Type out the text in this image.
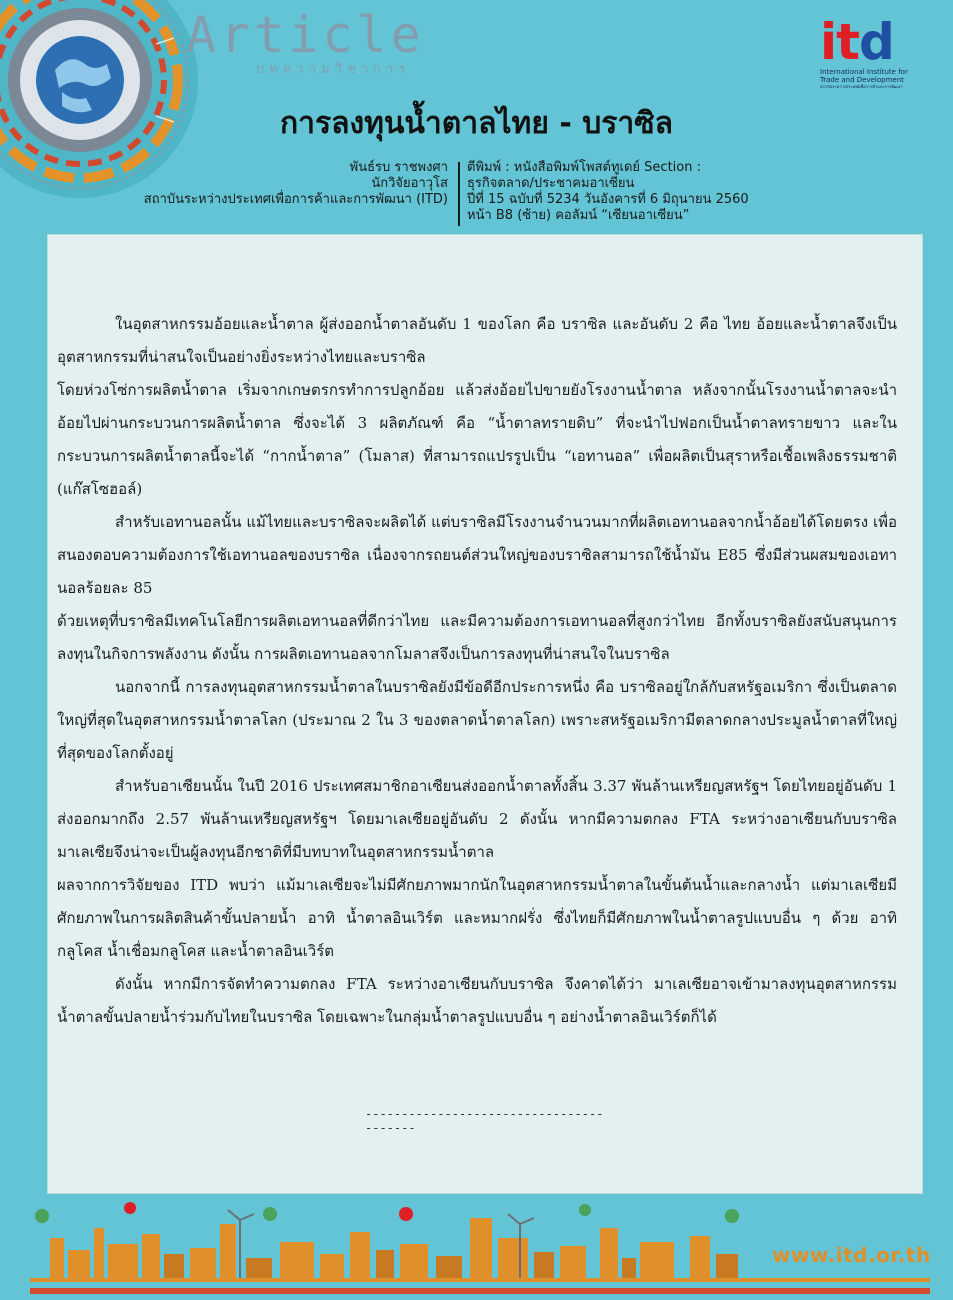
Article
บทความวิชาการ	itd
International Institute for
Trade and Development
สถาบันระหว่างประเทศเพื่อการค้าและการพัฒนา
การลงทุนน้ำตาลไทย - บราซิล
พันธ์รบ ราชพงศา
นักวิจัยอาวุโส
สถาบันระหว่างประเทศเพื่อการค้าและการพัฒนา (ITD)
ตีพิมพ์ : หนังสือพิมพ์โพสต์ทูเดย์ Section :
ธุรกิจตลาด/ประชาคมอาเซียน
ปีที่ 15 ฉบับที่ 5234 วันอังคารที่ 6 มิถุนายน 2560
หน้า B8 (ซ้าย) คอลัมน์ “เซียนอาเซียน”

ในอุตสาหกรรมอ้อยและน้ำตาล ผู้ส่งออกน้ำตาลอันดับ 1 ของโลก คือ บราซิล และอันดับ 2 คือ ไทย อ้อยและน้ำตาลจึงเป็นอุตสาหกรรมที่น่าสนใจเป็นอย่างยิ่งระหว่างไทยและบราซิล

โดยห่วงโซ่การผลิตน้ำตาล เริ่มจากเกษตรกรทำการปลูกอ้อย แล้วส่งอ้อยไปขายยังโรงงานน้ำตาล หลังจากนั้นโรงงานน้ำตาลจะนำอ้อยไปผ่านกระบวนการผลิตน้ำตาล ซึ่งจะได้ 3 ผลิตภัณฑ์ คือ “น้ำตาลทรายดิบ” ที่จะนำไปฟอกเป็นน้ำตาลทรายขาว และในกระบวนการผลิตน้ำตาลนี้จะได้ “กากน้ำตาล” (โมลาส) ที่สามารถแปรรูปเป็น “เอทานอล” เพื่อผลิตเป็นสุราหรือเชื้อเพลิงธรรมชาติ (แก๊สโซฮอล์)

สำหรับเอทานอลนั้น แม้ไทยและบราซิลจะผลิตได้ แต่บราซิลมีโรงงานจำนวนมากที่ผลิตเอทานอลจากน้ำอ้อยได้โดยตรง เพื่อสนองตอบความต้องการใช้เอทานอลของบราซิล เนื่องจากรถยนต์ส่วนใหญ่ของบราซิลสามารถใช้น้ำมัน E85 ซึ่งมีส่วนผสมของเอทานอลร้อยละ 85

ด้วยเหตุที่บราซิลมีเทคโนโลยีการผลิตเอทานอลที่ดีกว่าไทย และมีความต้องการเอทานอลที่สูงกว่าไทย อีกทั้งบราซิลยังสนับสนุนการลงทุนในกิจการพลังงาน ดังนั้น การผลิตเอทานอลจากโมลาสจึงเป็นการลงทุนที่น่าสนใจในบราซิล

นอกจากนี้ การลงทุนอุตสาหกรรมน้ำตาลในบราซิลยังมีข้อดีอีกประการหนึ่ง คือ บราซิลอยู่ใกล้กับสหรัฐอเมริกา ซึ่งเป็นตลาดใหญ่ที่สุดในอุตสาหกรรมน้ำตาลโลก (ประมาณ 2 ใน 3 ของตลาดน้ำตาลโลก) เพราะสหรัฐอเมริกามีตลาดกลางประมูลน้ำตาลที่ใหญ่ที่สุดของโลกตั้งอยู่

สำหรับอาเซียนนั้น ในปี 2016 ประเทศสมาชิกอาเซียนส่งออกน้ำตาลทั้งสิ้น 3.37 พันล้านเหรียญสหรัฐฯ โดยไทยอยู่อันดับ 1 ส่งออกมากถึง 2.57 พันล้านเหรียญสหรัฐฯ โดยมาเลเซียอยู่อันดับ 2 ดังนั้น หากมีความตกลง FTA ระหว่างอาเซียนกับบราซิล มาเลเซียจึงน่าจะเป็นผู้ลงทุนอีกชาติที่มีบทบาทในอุตสาหกรรมน้ำตาล

ผลจากการวิจัยของ ITD พบว่า แม้มาเลเซียจะไม่มีศักยภาพมากนักในอุตสาหกรรมน้ำตาลในขั้นต้นน้ำและกลางน้ำ แต่มาเลเซียมีศักยภาพในการผลิตสินค้าขั้นปลายน้ำ อาทิ น้ำตาลอินเวิร์ต และหมากฝรั่ง ซึ่งไทยก็มีศักยภาพในน้ำตาลรูปแบบอื่น ๆ ด้วย อาทิ กลูโคส น้ำเชื่อมกลูโคส และน้ำตาลอินเวิร์ต

ดังนั้น หากมีการจัดทำความตกลง FTA ระหว่างอาเซียนกับบราซิล จึงคาดได้ว่า มาเลเซียอาจเข้ามาลงทุนอุตสาหกรรมน้ำตาลขั้นปลายน้ำร่วมกับไทยในบราซิล โดยเฉพาะในกลุ่มน้ำตาลรูปแบบอื่น ๆ อย่างน้ำตาลอินเวิร์ตก็ได้

----------------------------------------
www.itd.or.th
